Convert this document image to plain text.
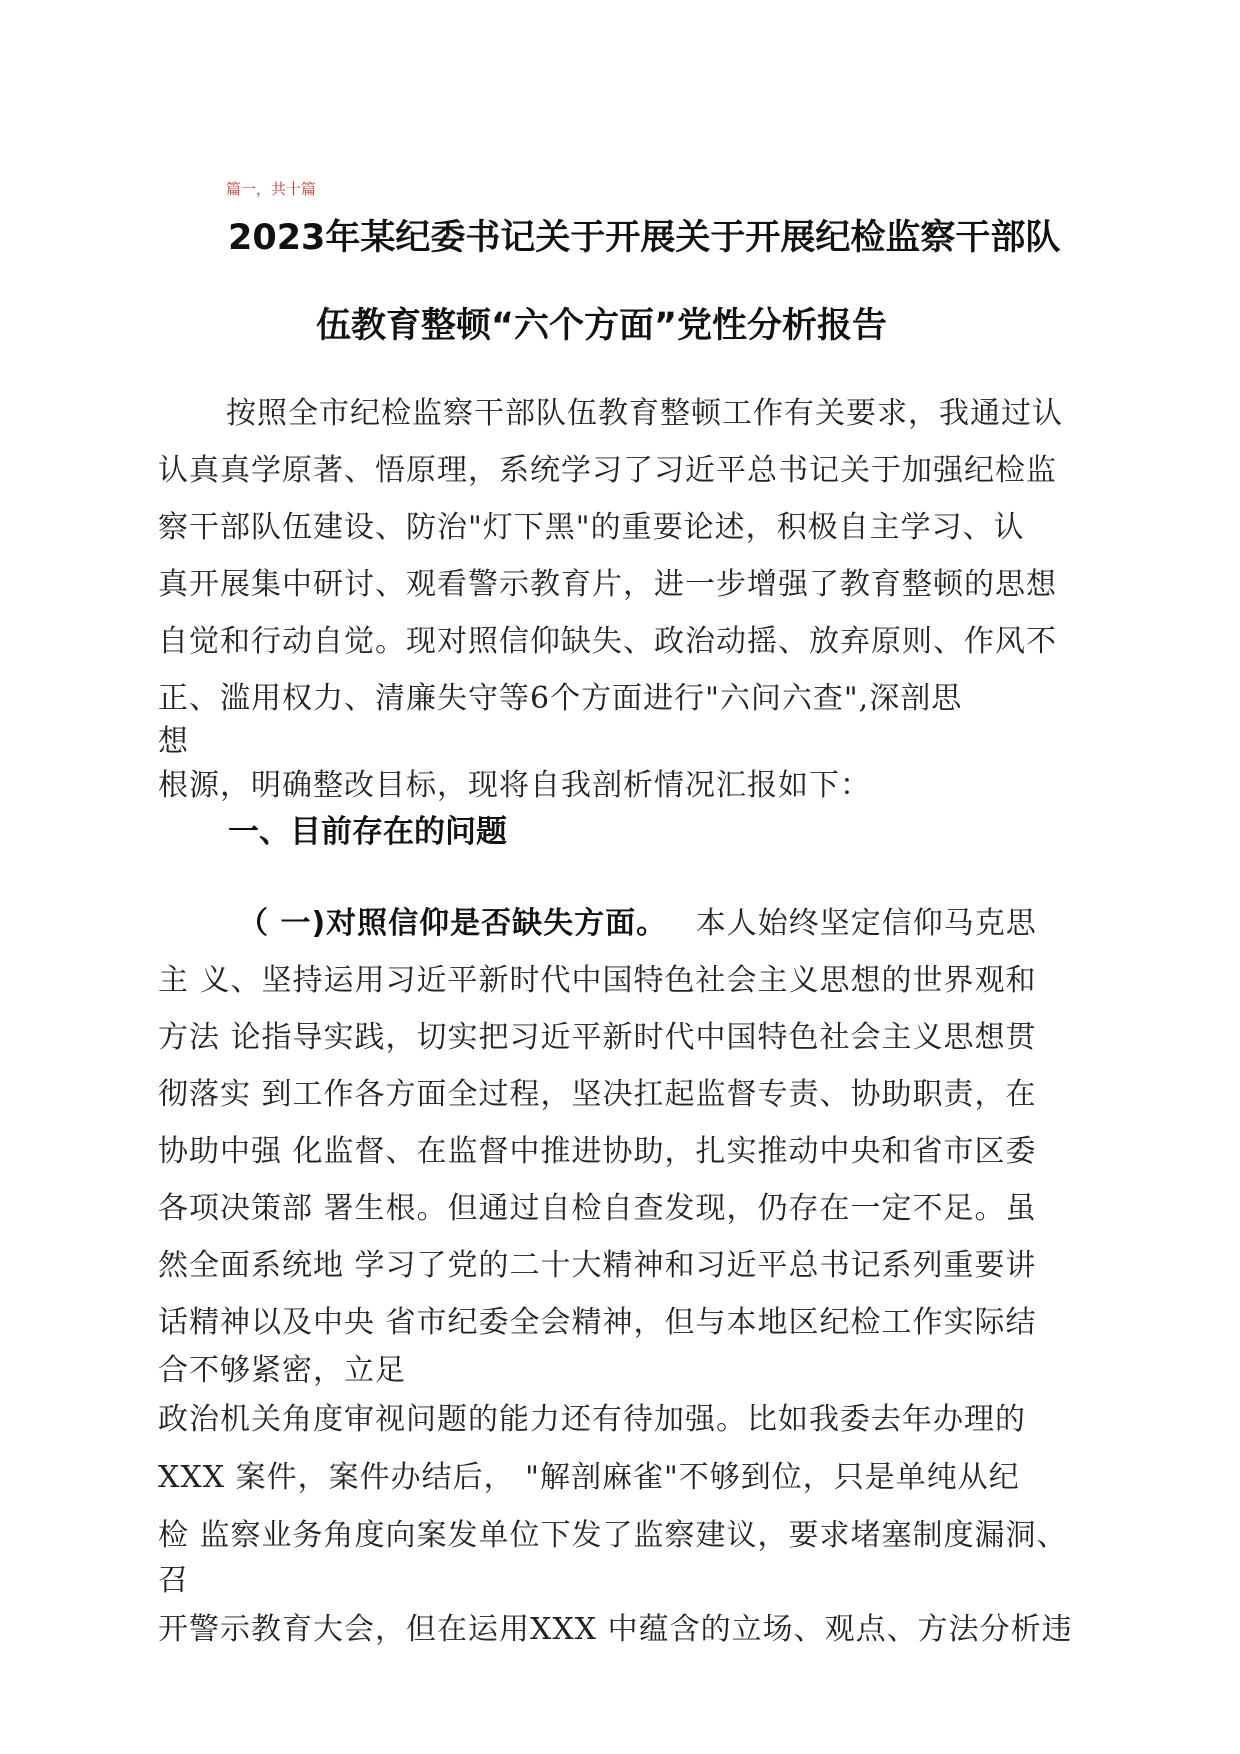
篇一，共十篇
2023年某纪委书记关于开展关于开展纪检监察干部队
伍教育整顿“六个方面”党性分析报告
按照全市纪检监察干部队伍教育整顿工作有关要求，我通过认
认真真学原著、悟原理，系统学习了习近平总书记关于加强纪检监
察干部队伍建设、防治"灯下黑"的重要论述，积极自主学习、认
真开展集中研讨、观看警示教育片，进一步增强了教育整顿的思想
自觉和行动自觉。现对照信仰缺失、政治动摇、放弃原则、作风不
正、滥用权力、清廉失守等6个方面进行"六问六查",深剖思
想
根源，明确整改目标，现将自我剖析情况汇报如下：
一、目前存在的问题
（ 一)对照信仰是否缺失方面。 本人始终坚定信仰马克思
主 义、坚持运用习近平新时代中国特色社会主义思想的世界观和
方法 论指导实践，切实把习近平新时代中国特色社会主义思想贯
彻落实 到工作各方面全过程，坚决扛起监督专责、协助职责，在
协助中强 化监督、在监督中推进协助，扎实推动中央和省市区委
各项决策部 署生根。但通过自检自查发现，仍存在一定不足。虽
然全面系统地 学习了党的二十大精神和习近平总书记系列重要讲
话精神以及中央 省市纪委全会精神，但与本地区纪检工作实际结
合不够紧密，立足
政治机关角度审视问题的能力还有待加强。比如我委去年办理的
XXX 案件，案件办结后， "解剖麻雀"不够到位，只是单纯从纪
检 监察业务角度向案发单位下发了监察建议，要求堵塞制度漏洞、
召
开警示教育大会，但在运用XXX 中蕴含的立场、观点、方法分析违
